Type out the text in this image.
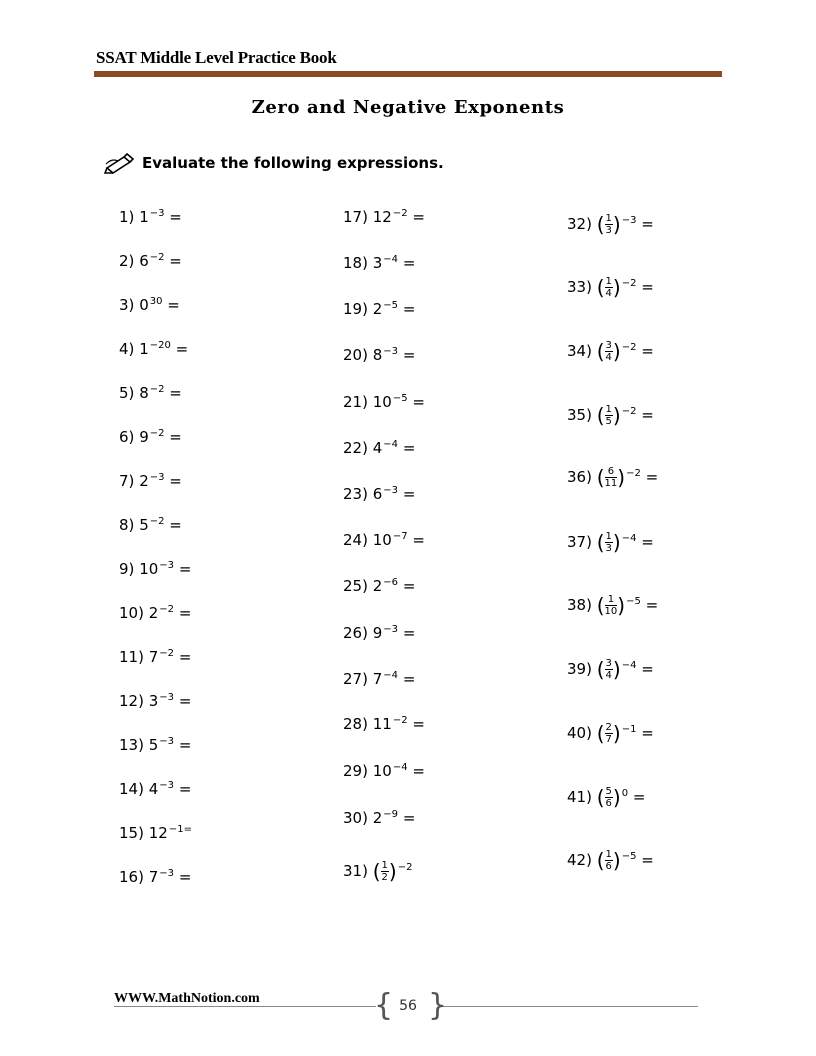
SSAT Middle Level Practice Book
Zero and Negative Exponents
Evaluate the following expressions.
1) $1^{-3}$ =
2) $6^{-2}$ =
3) $0^{30}$ =
4) $1^{-20}$ =
5) $8^{-2}$ =
6) $9^{-2}$ =
7) $2^{-3}$ =
8) $5^{-2}$ =
9) $10^{-3}$ =
10) $2^{-2}$ =
11) $7^{-2}$ =
12) $3^{-3}$ =
13) $5^{-3}$ =
14) $4^{-3}$ =
15) $12^{-1=}$
16) $7^{-3}$ =
17) $12^{-2}$ =
18) $3^{-4}$ =
19) $2^{-5}$ =
20) $8^{-3}$ =
21) $10^{-5}$ =
22) $4^{-4}$ =
23) $6^{-3}$ =
24) $10^{-7}$ =
25) $2^{-6}$ =
26) $9^{-3}$ =
27) $7^{-4}$ =
28) $11^{-2}$ =
29) $10^{-4}$ =
30) $2^{-9}$ =
31) ( $\frac{1}{2} )^{-2}$
32) ( $\frac{1}{3} )^{-3}$ =
33) ( $\frac{1}{4} )^{-2}$ =
34) ( $\frac{3}{4} )^{-2}$ =
35) ( $\frac{1}{5} )^{-2}$ =
36) ( $\frac{6}{11} )^{-2}$ =
37) ( $\frac{1}{3} )^{-4}$ =
38) ( $\frac{1}{10} )^{-5}$ =
39) ( $\frac{3}{4} )^{-4}$ =
40) ( $\frac{2}{7} )^{-1}$ =
41) ( $\frac{5}{6} )^0$ =
42) ( $\frac{1}{6} )^{-5}$ =
WWW.MathNotion.com	{ }
56
